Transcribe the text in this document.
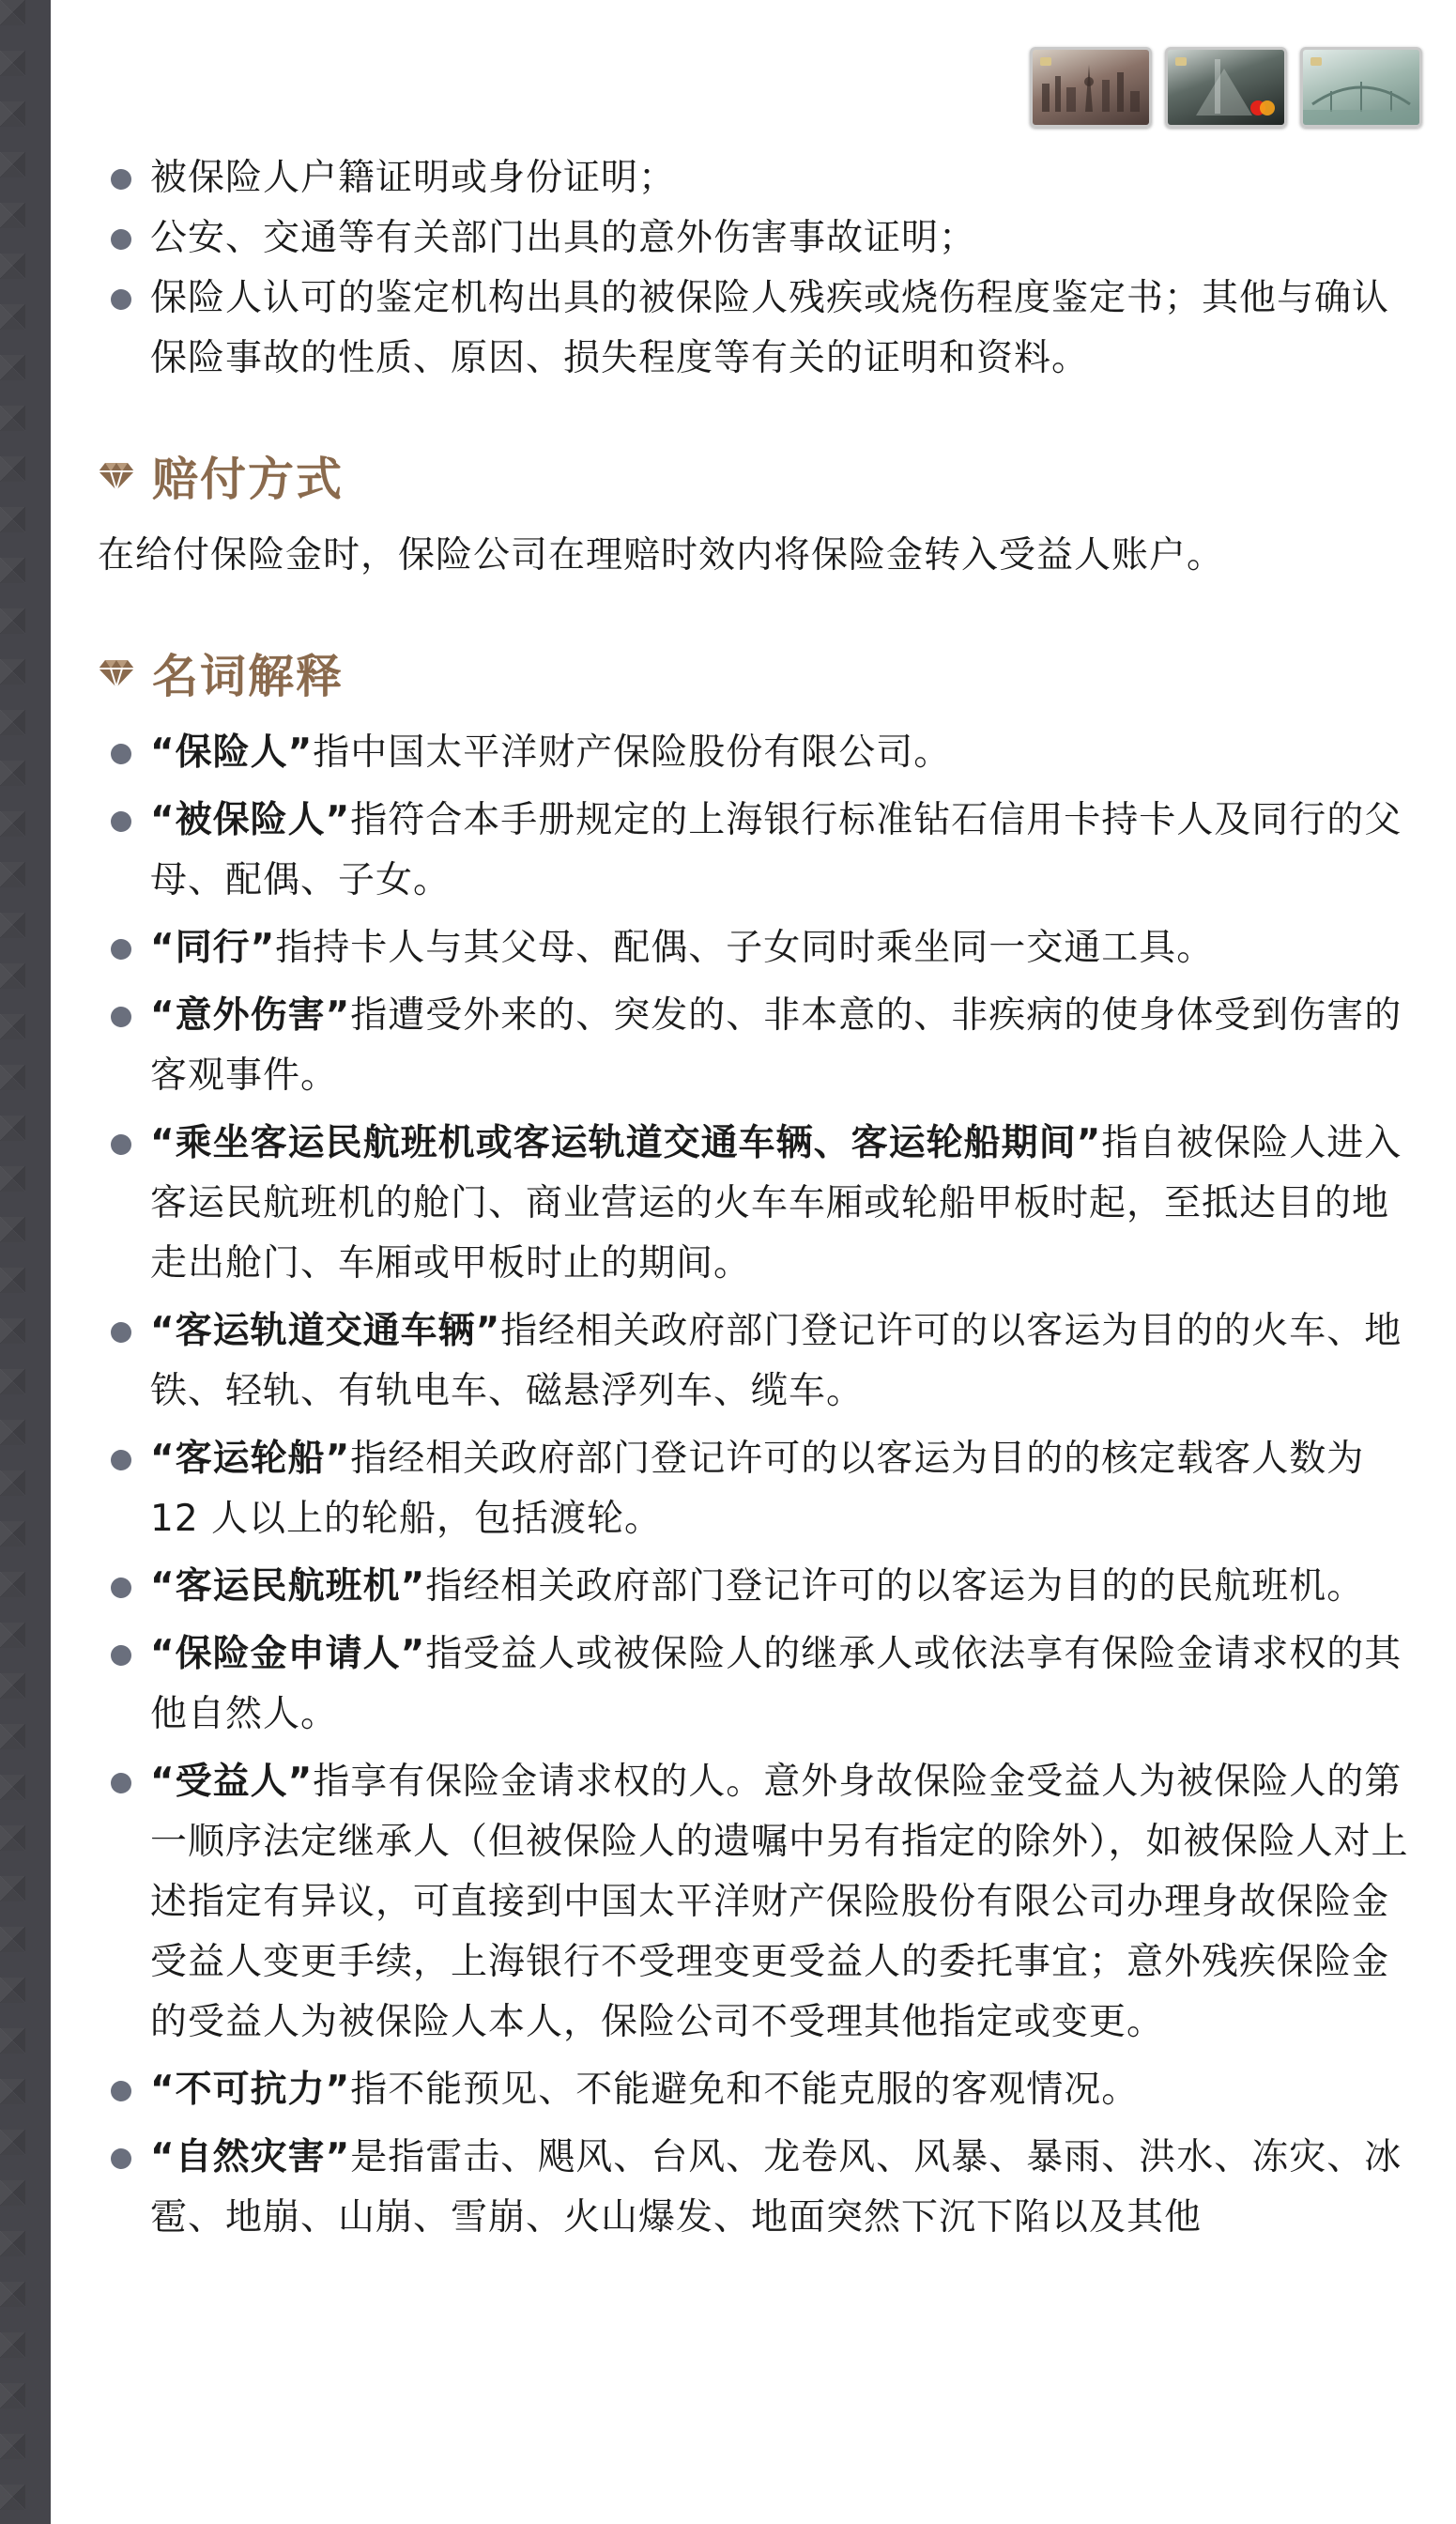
被保险人户籍证明或身份证明；
公安、交通等有关部门出具的意外伤害事故证明；
保险人认可的鉴定机构出具的被保险人残疾或烧伤程度鉴定书；其他与确认保险事故的性质、原因、损失程度等有关的证明和资料。
赔付方式

在给付保险金时，保险公司在理赔时效内将保险金转入受益人账户。

名词解释
“保险人”指中国太平洋财产保险股份有限公司。
“被保险人”指符合本手册规定的上海银行标准钻石信用卡持卡人及同行的父母、配偶、子女。
“同行”指持卡人与其父母、配偶、子女同时乘坐同一交通工具。
“意外伤害”指遭受外来的、突发的、非本意的、非疾病的使身体受到伤害的客观事件。
“乘坐客运民航班机或客运轨道交通车辆、客运轮船期间”指自被保险人进入客运民航班机的舱门、商业营运的火车车厢或轮船甲板时起，至抵达目的地走出舱门、车厢或甲板时止的期间。
“客运轨道交通车辆”指经相关政府部门登记许可的以客运为目的的火车、地铁、轻轨、有轨电车、磁悬浮列车、缆车。
“客运轮船”指经相关政府部门登记许可的以客运为目的的核定载客人数为 12 人以上的轮船，包括渡轮。
“客运民航班机”指经相关政府部门登记许可的以客运为目的的民航班机。
“保险金申请人”指受益人或被保险人的继承人或依法享有保险金请求权的其他自然人。
“受益人”指享有保险金请求权的人。意外身故保险金受益人为被保险人的第一顺序法定继承人（但被保险人的遗嘱中另有指定的除外），如被保险人对上述指定有异议，可直接到中国太平洋财产保险股份有限公司办理身故保险金受益人变更手续，上海银行不受理变更受益人的委托事宜；意外残疾保险金的受益人为被保险人本人，保险公司不受理其他指定或变更。
“不可抗力”指不能预见、不能避免和不能克服的客观情况。
“自然灾害”是指雷击、飓风、台风、龙卷风、风暴、暴雨、洪水、冻灾、冰雹、地崩、山崩、雪崩、火山爆发、地面突然下沉下陷以及其他
